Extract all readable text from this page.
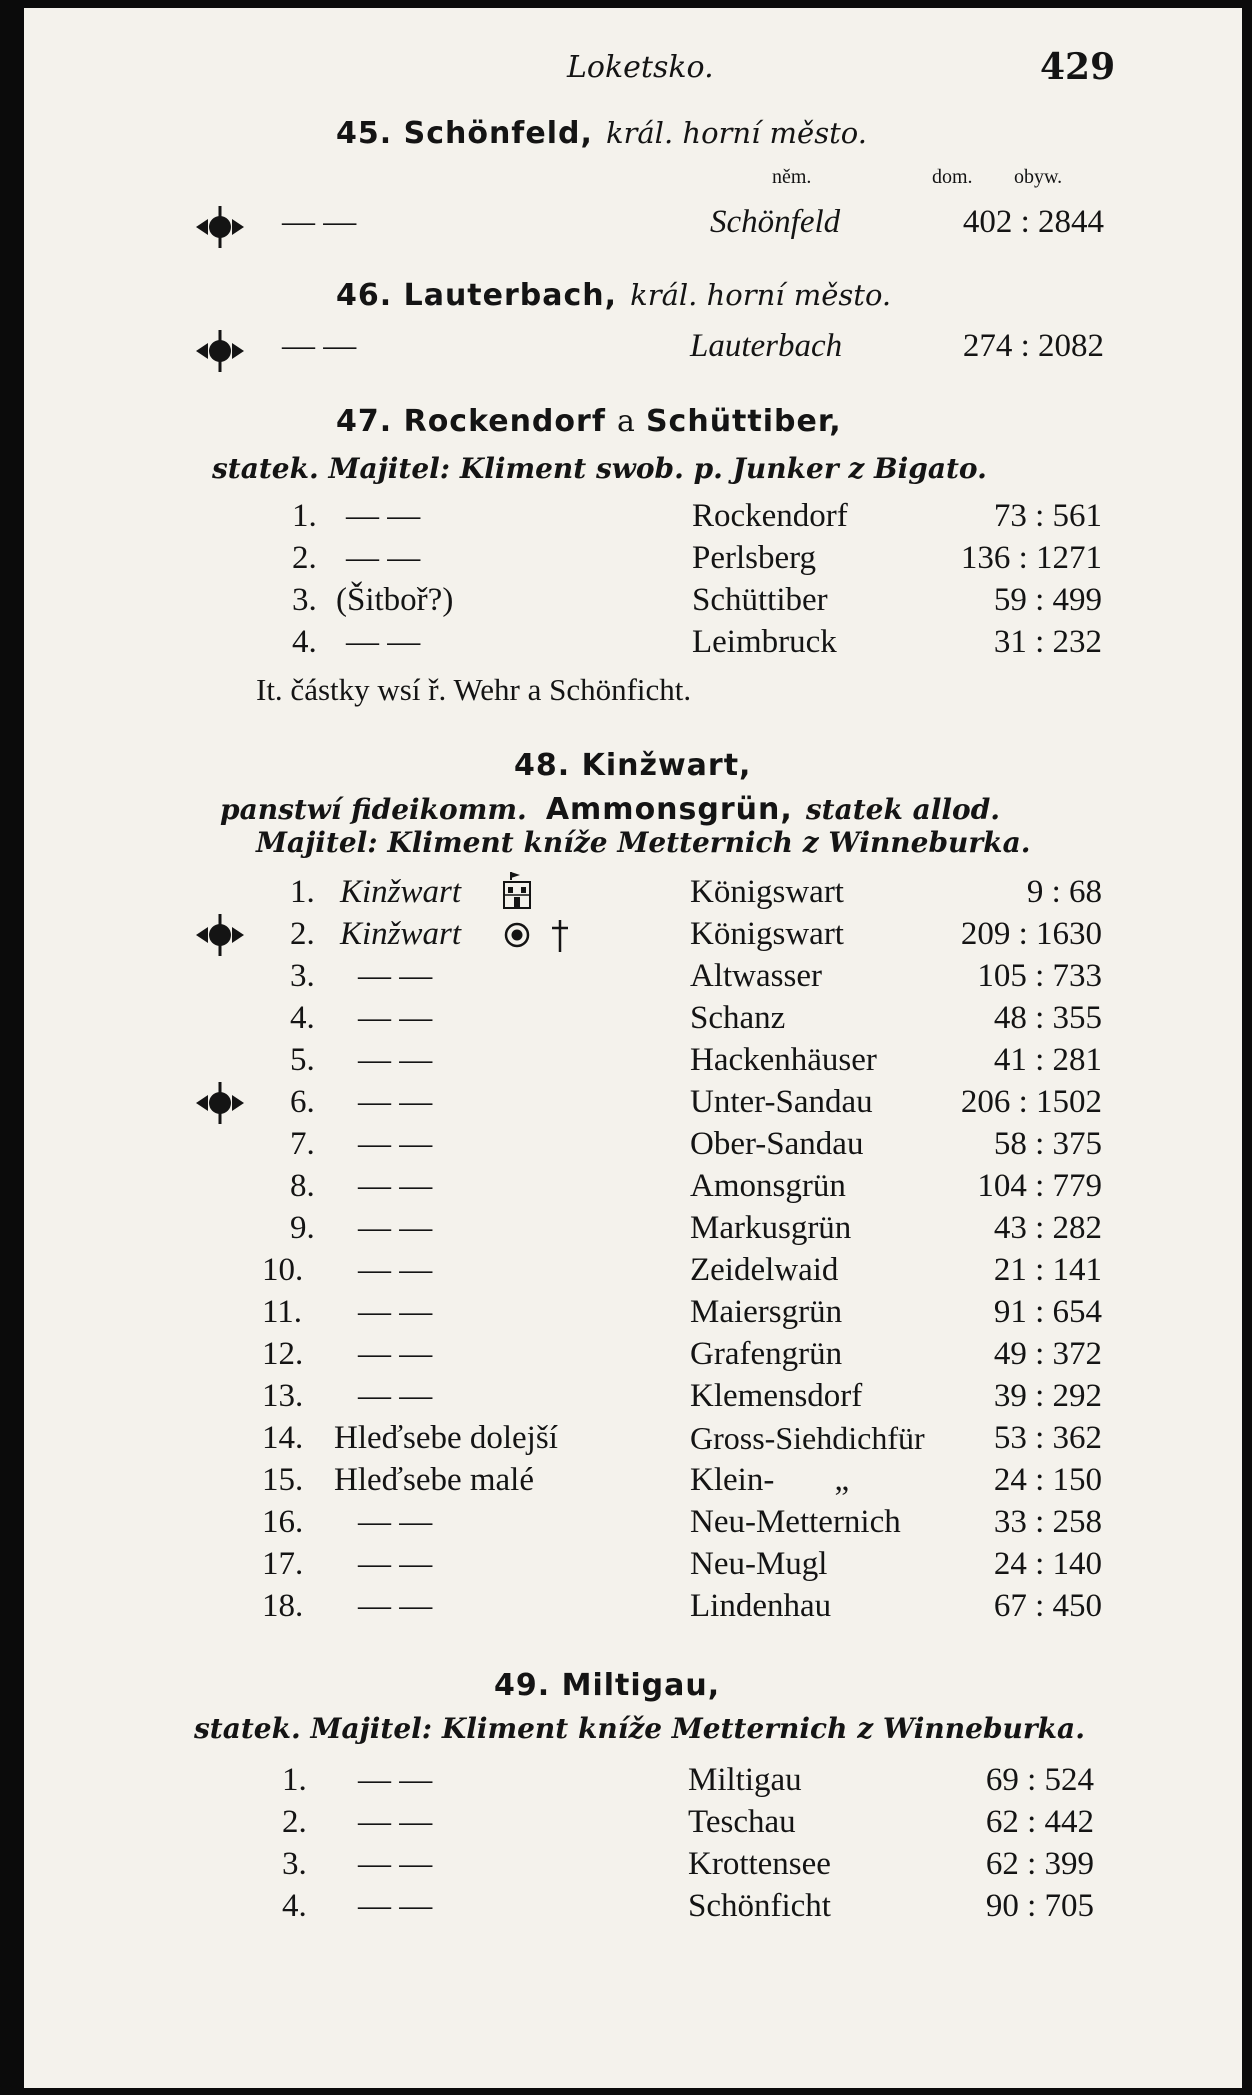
Loketsko.	429
45. Schönfeld, král. horní město.
něm.	dom. obyw.
— —	Schönfeld	402 : 2844
46. Lauterbach, král. horní město.
— —	Lauterbach	274 : 2082
47. Rockendorf a Schüttiber,
statek. Majitel: Kliment swob. p. Junker z Bigato.
1. — —	Rockendorf	73 : 561
2. — —	Perlsberg	136 : 1271
3. (Šitboř?)	Schüttiber	59 : 499
4. — —	Leimbruck	31 : 232
It. částky wsí ř. Wehr a Schönficht.
48. Kinžwart,
panstwí fideikomm. Ammonsgrün, statek allod.
Majitel: Kliment kníže Metternich z Winneburka.
1. Kinžwart	Königswart	9 : 68
2. Kinžwart	Königswart	209 : 1630
3. — —	Altwasser	105 : 733
4. — —	Schanz	48 : 355
5. — —	Hackenhäuser	41 : 281
6. — —	Unter-Sandau	206 : 1502
7. — —	Ober-Sandau	58 : 375
8. — —	Amonsgrün	104 : 779
9. — —	Markusgrün	43 : 282
10. — —	Zeidelwaid	21 : 141
11. — —	Maiersgrün	91 : 654
12. — —	Grafengrün	49 : 372
13. — —	Klemensdorf	39 : 292
14. Hleďsebe dolejší	Gross-Siehdichfür	53 : 362
15. Hleďsebe malé	Klein- „	24 : 150
16. — —	Neu-Metternich	33 : 258
17. — —	Neu-Mugl	24 : 140
18. — —	Lindenhau	67 : 450
49. Miltigau,
statek. Majitel: Kliment kníže Metternich z Winneburka.
1. — —	Miltigau	69 : 524
2. — —	Teschau	62 : 442
3. — —	Krottensee	62 : 399
4. — —	Schönficht	90 : 705
